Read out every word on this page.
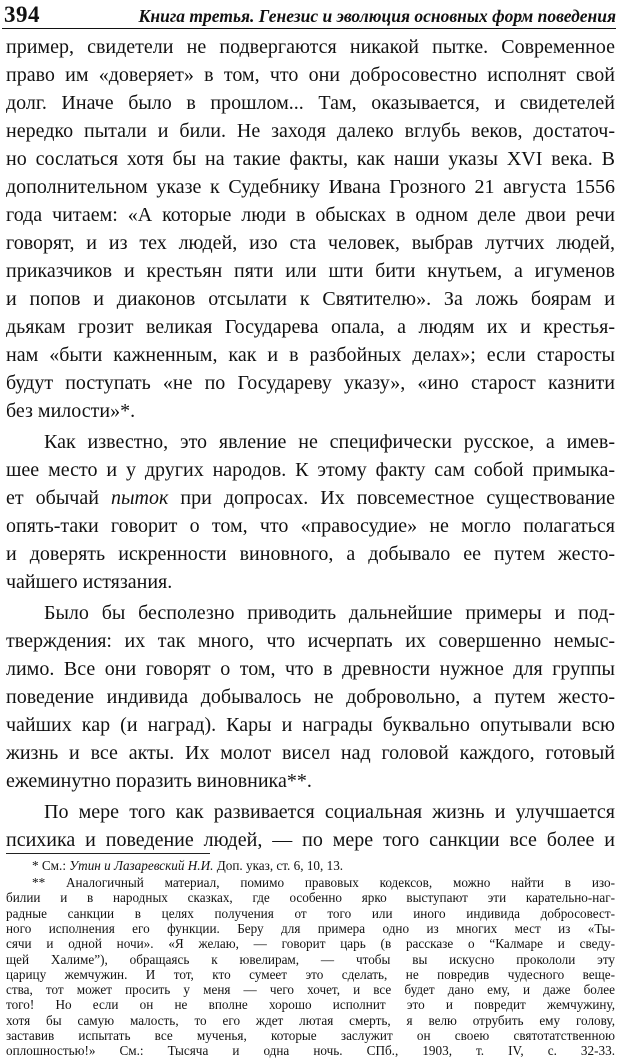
394	Книга третья. Генезис и эволюция основных форм поведения
пример, свидетели не подвергаются никакой пытке. Современное
право им «доверяет» в том, что они добросовестно исполнят свой
долг. Иначе было в прошлом... Там, оказывается, и свидетелей
нередко пытали и били. Не заходя далеко вглубь веков, достаточ-
но сослаться хотя бы на такие факты, как наши указы XVI века. В
дополнительном указе к Судебнику Ивана Грозного 21 августа 1556
года читаем: «А которые люди в обысках в одном деле двои речи
говорят, и из тех людей, изо ста человек, выбрав лутчих людей,
приказчиков и крестьян пяти или шти бити кнутьем, а игуменов
и попов и диаконов отсылати к Святителю». За ложь боярам и
дьякам грозит великая Государева опала, а людям их и крестья-
нам «быти кажненным, как и в разбойных делах»; если старосты
будут поступать «не по Государеву указу», «ино старост казнити
без милости»*.
Как известно, это явление не специфически русское, а имев-
шее место и у других народов. К этому факту сам собой примыка-
ет обычай пыток при допросах. Их повсеместное существование
опять-таки говорит о том, что «правосудие» не могло полагаться
и доверять искренности виновного, а добывало ее путем жесто-
чайшего истязания.
Было бы бесполезно приводить дальнейшие примеры и под-
тверждения: их так много, что исчерпать их совершенно немыс-
лимо. Все они говорят о том, что в древности нужное для группы
поведение индивида добывалось не добровольно, а путем жесто-
чайших кар (и наград). Кары и награды буквально опутывали всю
жизнь и все акты. Их молот висел над головой каждого, готовый
ежеминутно поразить виновника**.
По мере того как развивается социальная жизнь и улучшается
психика и поведение людей, — по мере того санкции все более и
* См.: Утин и Лазаревский Н.И. Доп. указ, ст. 6, 10, 13.
** Аналогичный материал, помимо правовых кодексов, можно найти в изо-
билии и в народных сказках, где особенно ярко выступают эти карательно-наг-
радные санкции в целях получения от того или иного индивида добросовест-
ного исполнения его функции. Беру для примера одно из многих мест из «Ты-
сячи и одной ночи». «Я желаю, — говорит царь (в рассказе о “Калмаре и сведу-
щей Халиме”), обращаясь к ювелирам, — чтобы вы искусно прокололи эту
царицу жемчужин. И тот, кто сумеет это сделать, не повредив чудесного веще-
ства, тот может просить у меня — чего хочет, и все будет дано ему, и даже более
того! Но если он не вполне хорошо исполнит это и повредит жемчужину,
хотя бы самую малость, то его ждет лютая смерть, я велю отрубить ему голову,
заставив испытать все мученья, которые заслужит он своею святотатственною
оплошностью!» См.: Тысяча и одна ночь. СПб., 1903, т. IV, с. 32-33.
